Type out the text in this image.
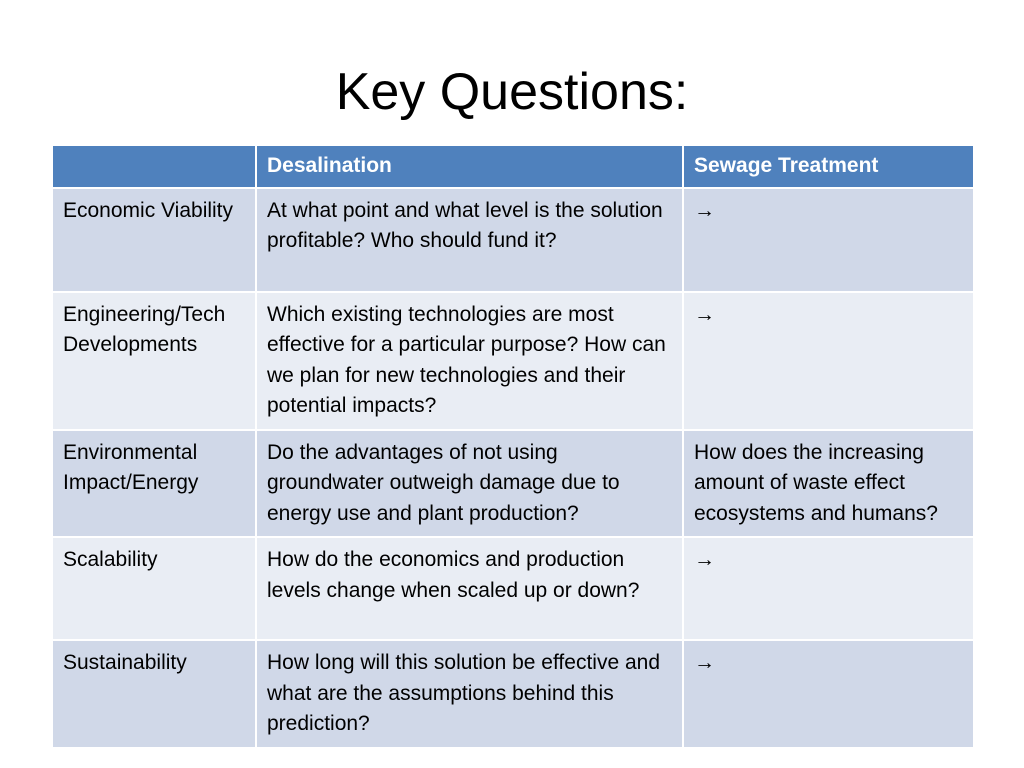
Key Questions:
	Desalination	Sewage Treatment
Economic Viability	At what point and what level is the solution profitable? Who should fund it?	→
Engineering/Tech Developments	Which existing technologies are most effective for a particular purpose? How can we plan for new technologies and their potential impacts?	→
Environmental Impact/Energy	Do the advantages of not using groundwater outweigh damage due to energy use and plant production?	How does the increasing amount of waste effect ecosystems and humans?
Scalability	How do the economics and production levels change when scaled up or down?	→
Sustainability	How long will this solution be effective and what are the assumptions behind this prediction?	→
